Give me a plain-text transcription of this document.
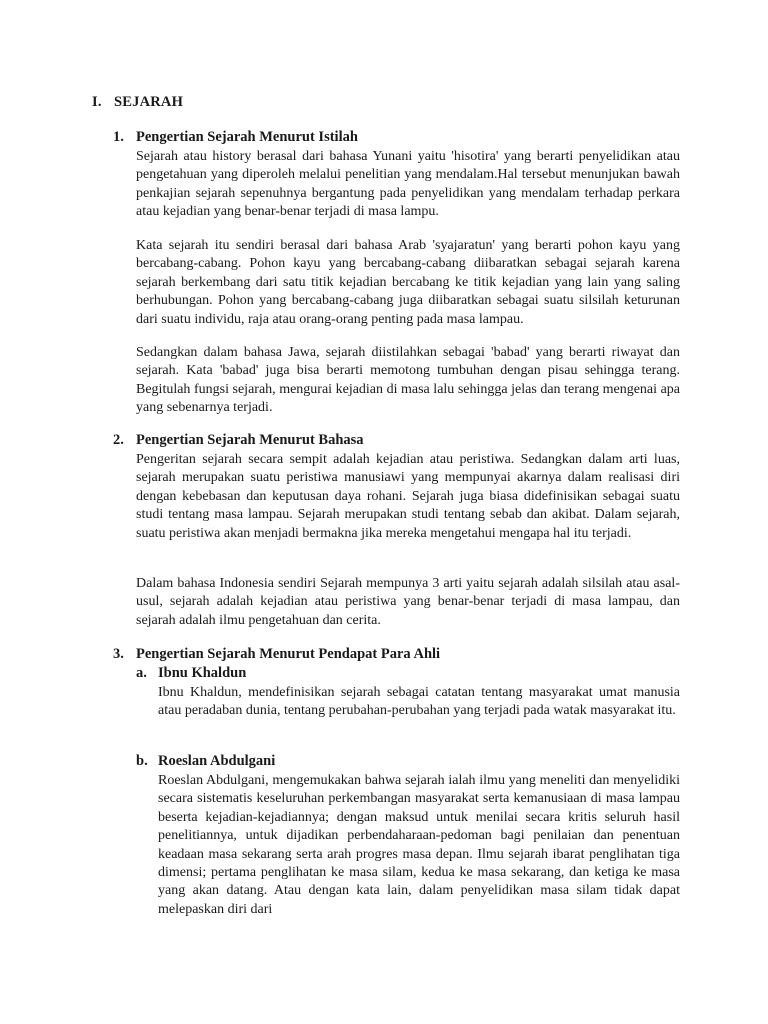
I. SEJARAH
1. Pengertian Sejarah Menurut Istilah

Sejarah atau history berasal dari bahasa Yunani yaitu 'hisotira' yang berarti penyelidikan atau pengetahuan yang diperoleh melalui penelitian yang mendalam.Hal tersebut menunjukan bawah penkajian sejarah sepenuhnya bergantung pada penyelidikan yang mendalam terhadap perkara atau kejadian yang benar-benar terjadi di masa lampu.

Kata sejarah itu sendiri berasal dari bahasa Arab 'syajaratun' yang berarti pohon kayu yang bercabang-cabang. Pohon kayu yang bercabang-cabang diibaratkan sebagai sejarah karena sejarah berkembang dari satu titik kejadian bercabang ke titik kejadian yang lain yang saling berhubungan. Pohon yang bercabang-cabang juga diibaratkan sebagai suatu silsilah keturunan dari suatu individu, raja atau orang-orang penting pada masa lampau.

Sedangkan dalam bahasa Jawa, sejarah diistilahkan sebagai 'babad' yang berarti riwayat dan sejarah. Kata 'babad' juga bisa berarti memotong tumbuhan dengan pisau sehingga terang. Begitulah fungsi sejarah, mengurai kejadian di masa lalu sehingga jelas dan terang mengenai apa yang sebenarnya terjadi.

2. Pengertian Sejarah Menurut Bahasa

Pengeritan sejarah secara sempit adalah kejadian atau peristiwa. Sedangkan dalam arti luas, sejarah merupakan suatu peristiwa manusiawi yang mempunyai akarnya dalam realisasi diri dengan kebebasan dan keputusan daya rohani. Sejarah juga biasa didefinisikan sebagai suatu studi tentang masa lampau. Sejarah merupakan studi tentang sebab dan akibat. Dalam sejarah, suatu peristiwa akan menjadi bermakna jika mereka mengetahui mengapa hal itu terjadi.

Dalam bahasa Indonesia sendiri Sejarah mempunya 3 arti yaitu sejarah adalah silsilah atau asal-usul, sejarah adalah kejadian atau peristiwa yang benar-benar terjadi di masa lampau, dan sejarah adalah ilmu pengetahuan dan cerita.

3. Pengertian Sejarah Menurut Pendapat Para Ahli
a. Ibnu Khaldun

Ibnu Khaldun, mendefinisikan sejarah sebagai catatan tentang masyarakat umat manusia atau peradaban dunia, tentang perubahan-perubahan yang terjadi pada watak masyarakat itu.

b. Roeslan Abdulgani

Roeslan Abdulgani, mengemukakan bahwa sejarah ialah ilmu yang meneliti dan menyelidiki secara sistematis keseluruhan perkembangan masyarakat serta kemanusiaan di masa lampau beserta kejadian-kejadiannya; dengan maksud untuk menilai secara kritis seluruh hasil penelitiannya, untuk dijadikan perbendaharaan-pedoman bagi penilaian dan penentuan keadaan masa sekarang serta arah progres masa depan. Ilmu sejarah ibarat penglihatan tiga dimensi; pertama penglihatan ke masa silam, kedua ke masa sekarang, dan ketiga ke masa yang akan datang. Atau dengan kata lain, dalam penyelidikan masa silam tidak dapat melepaskan diri dari
